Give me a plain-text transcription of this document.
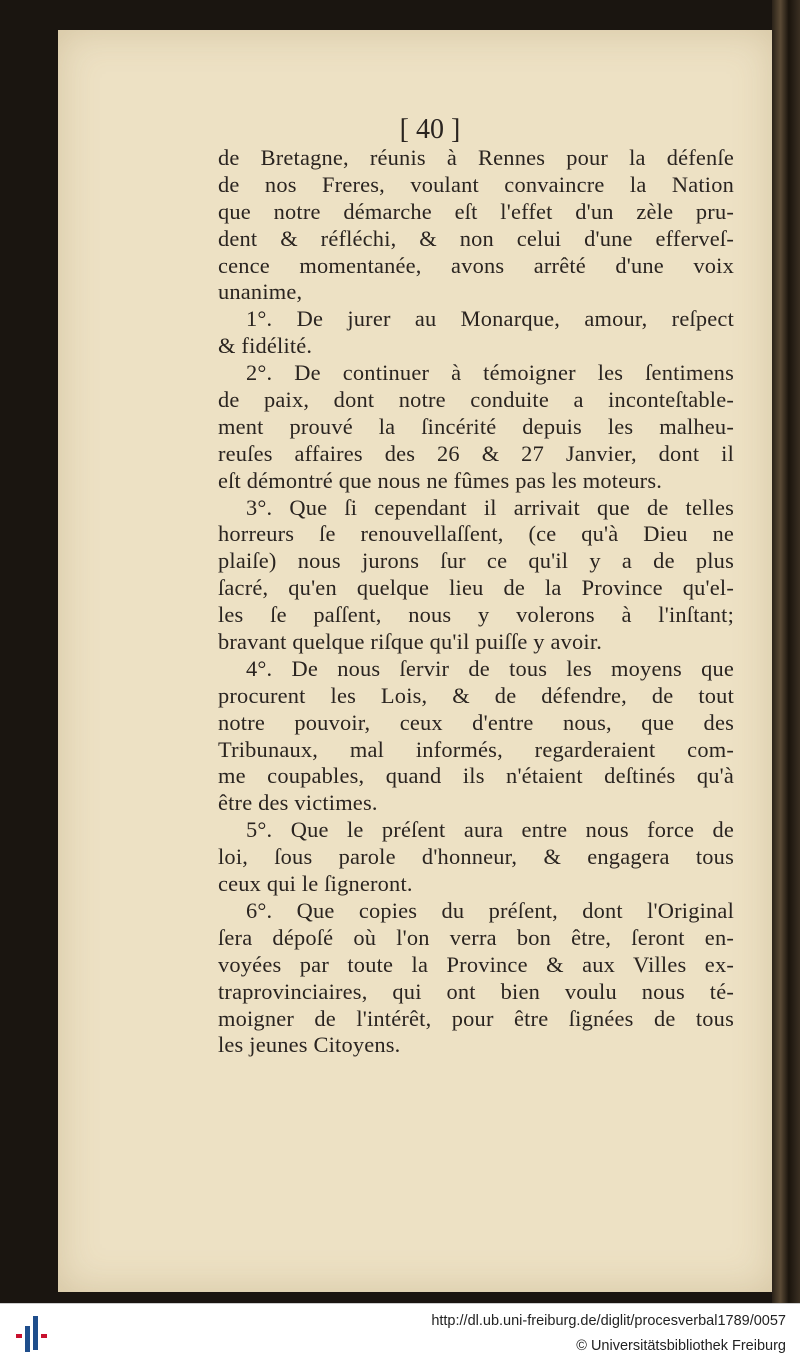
[ 40 ]
de Bretagne, réunis à Rennes pour la défenſe
de nos Freres, voulant convaincre la Nation
que notre démarche eſt l'effet d'un zèle pru-
dent & réfléchi, & non celui d'une efferveſ-
cence momentanée, avons arrêté d'une voix
unanime,
1°. De jurer au Monarque, amour, reſpect
& fidélité.
2°. De continuer à témoigner les ſentimens
de paix, dont notre conduite a inconteſtable-
ment prouvé la ſincérité depuis les malheu-
reuſes affaires des 26 & 27 Janvier, dont il
eſt démontré que nous ne fûmes pas les moteurs.
3°. Que ſi cependant il arrivait que de telles
horreurs ſe renouvellaſſent, (ce qu'à Dieu ne
plaiſe) nous jurons ſur ce qu'il y a de plus
ſacré, qu'en quelque lieu de la Province qu'el-
les ſe paſſent, nous y volerons à l'inſtant;
bravant quelque riſque qu'il puiſſe y avoir.
4°. De nous ſervir de tous les moyens que
procurent les Lois, & de défendre, de tout
notre pouvoir, ceux d'entre nous, que des
Tribunaux, mal informés, regarderaient com-
me coupables, quand ils n'étaient deſtinés qu'à
être des victimes.
5°. Que le préſent aura entre nous force de
loi, ſous parole d'honneur, & engagera tous
ceux qui le ſigneront.
6°. Que copies du préſent, dont l'Original
ſera dépoſé où l'on verra bon être, ſeront en-
voyées par toute la Province & aux Villes ex-
traprovinciaires, qui ont bien voulu nous té-
moigner de l'intérêt, pour être ſignées de tous
les jeunes Citoyens.
http://dl.ub.uni-freiburg.de/diglit/procesverbal1789/0057
© Universitätsbibliothek Freiburg
